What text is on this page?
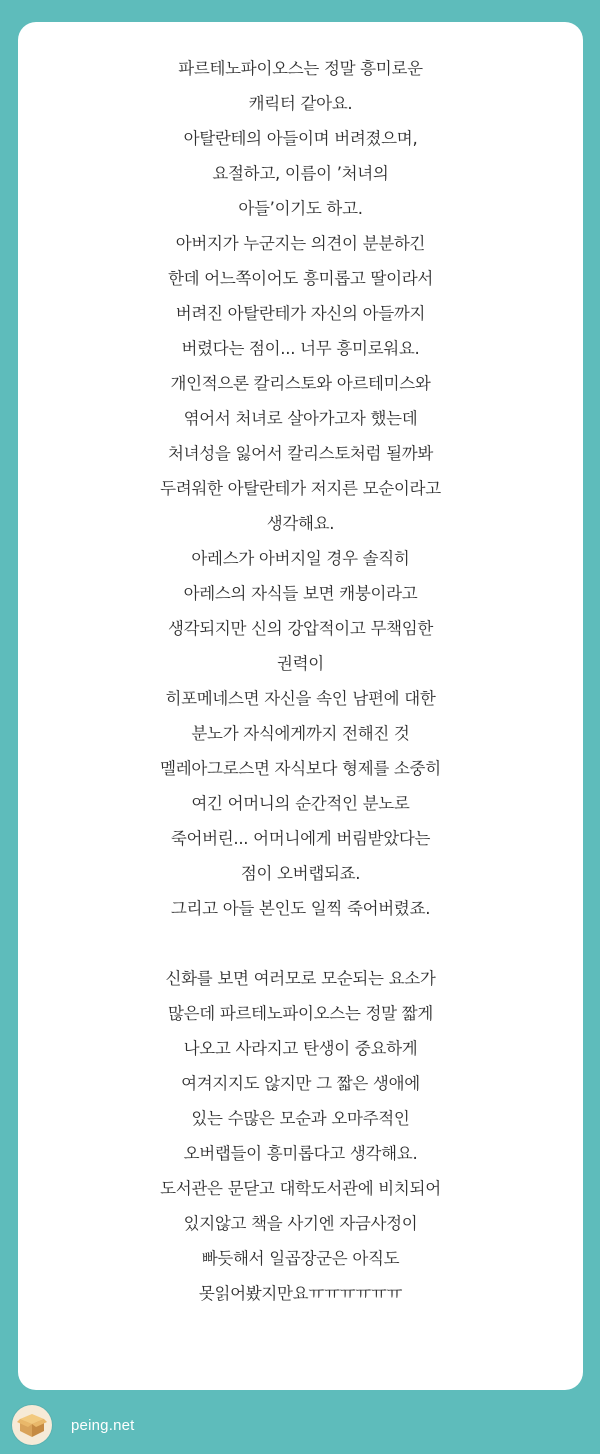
파르테노파이오스는 정말 흥미로운
캐릭터 같아요.
아탈란테의 아들이며 버려졌으며,
요절하고, 이름이 ’처녀의
아들’이기도 하고.
아버지가 누군지는 의견이 분분하긴
한데 어느쪽이어도 흥미롭고 딸이라서
버려진 아탈란테가 자신의 아들까지
버렸다는 점이... 너무 흥미로워요.
개인적으론 칼리스토와 아르테미스와
엮어서 처녀로 살아가고자 했는데
처녀성을 잃어서 칼리스토처럼 될까봐
두려워한 아탈란테가 저지른 모순이라고
생각해요.
아레스가 아버지일 경우 솔직히
아레스의 자식들 보면 캐붕이라고
생각되지만 신의 강압적이고 무책임한
권력이
히포메네스면 자신을 속인 남편에 대한
분노가 자식에게까지 전해진 것
멜레아그로스면 자식보다 형제를 소중히
여긴 어머니의 순간적인 분노로
죽어버린... 어머니에게 버림받았다는
점이 오버랩되죠.
그리고 아들 본인도 일찍 죽어버렸죠.
신화를 보면 여러모로 모순되는 요소가
많은데 파르테노파이오스는 정말 짧게
나오고 사라지고 탄생이 중요하게
여겨지지도 않지만 그 짧은 생애에
있는 수많은 모순과 오마주적인
오버랩들이 흥미롭다고 생각해요.
도서관은 문닫고 대학도서관에 비치되어
있지않고 책을 사기엔 자금사정이
빠듯해서 일곱장군은 아직도
못읽어봤지만요ㅠㅠㅠㅠㅠㅠ
peing.net
